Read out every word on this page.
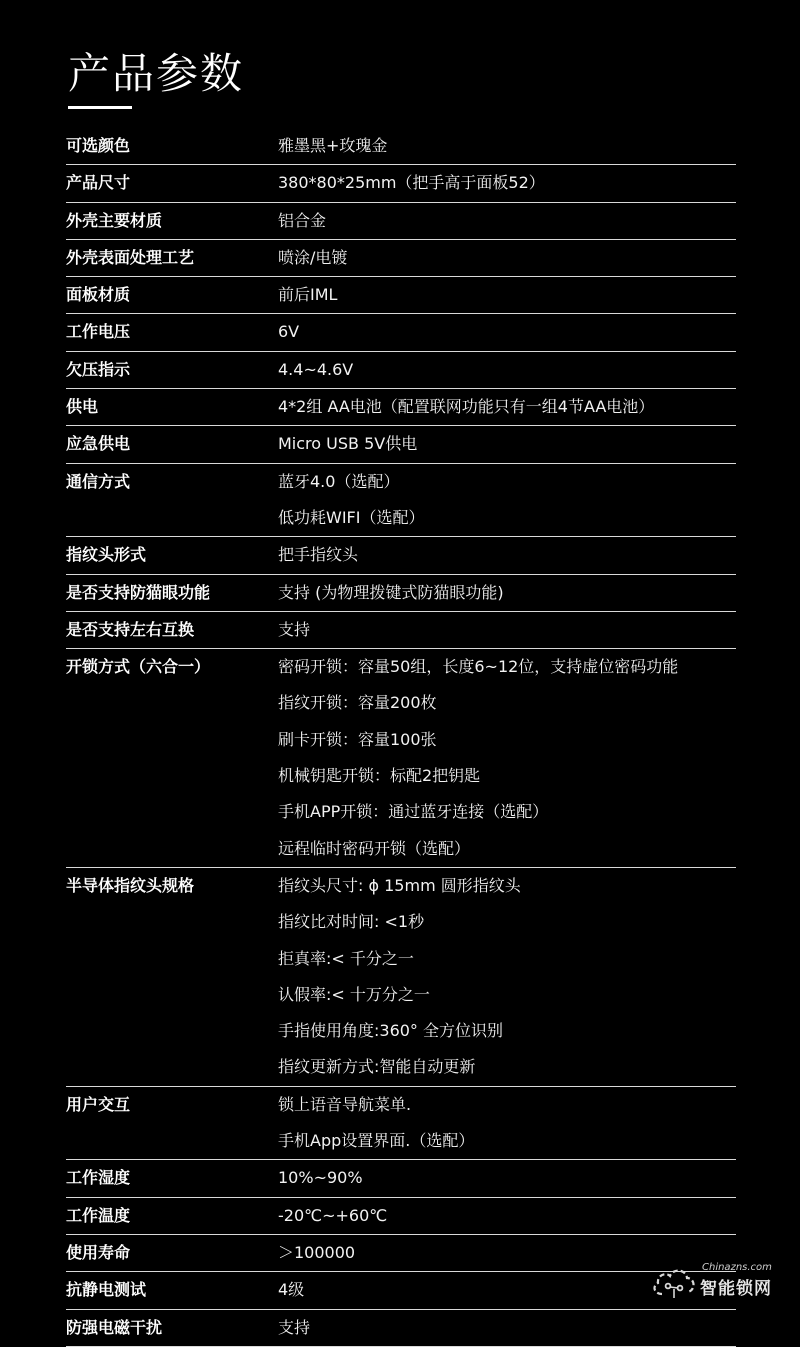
产品参数
可选颜色	雅墨黑+玫瑰金
产品尺寸	380*80*25mm（把手高于面板52）
外壳主要材质	铝合金
外壳表面处理工艺	喷涂/电镀
面板材质	前后IML
工作电压	6V
欠压指示	4.4~4.6V
供电	4*2组 AA电池（配置联网功能只有一组4节AA电池）
应急供电	Micro USB 5V供电
通信方式	蓝牙4.0（选配）
低功耗WIFI（选配）
指纹头形式	把手指纹头
是否支持防猫眼功能	支持 (为物理拨键式防猫眼功能)
是否支持左右互换	支持
开锁方式（六合一）	密码开锁：容量50组，长度6~12位，支持虚位密码功能
指纹开锁：容量200枚
刷卡开锁：容量100张
机械钥匙开锁：标配2把钥匙
手机APP开锁：通过蓝牙连接（选配）
远程临时密码开锁（选配）
半导体指纹头规格	指纹头尺寸: ϕ 15mm 圆形指纹头
指纹比对时间: <1秒
拒真率:< 千分之一
认假率:< 十万分之一
手指使用角度:360° 全方位识别
指纹更新方式:智能自动更新
用户交互	锁上语音导航菜单.
手机App设置界面.（选配）
工作湿度	10%~90%
工作温度	-20℃~+60℃
使用寿命	＞100000
抗静电测试	4级
防强电磁干扰	支持
Chinazns.com
智能锁网
